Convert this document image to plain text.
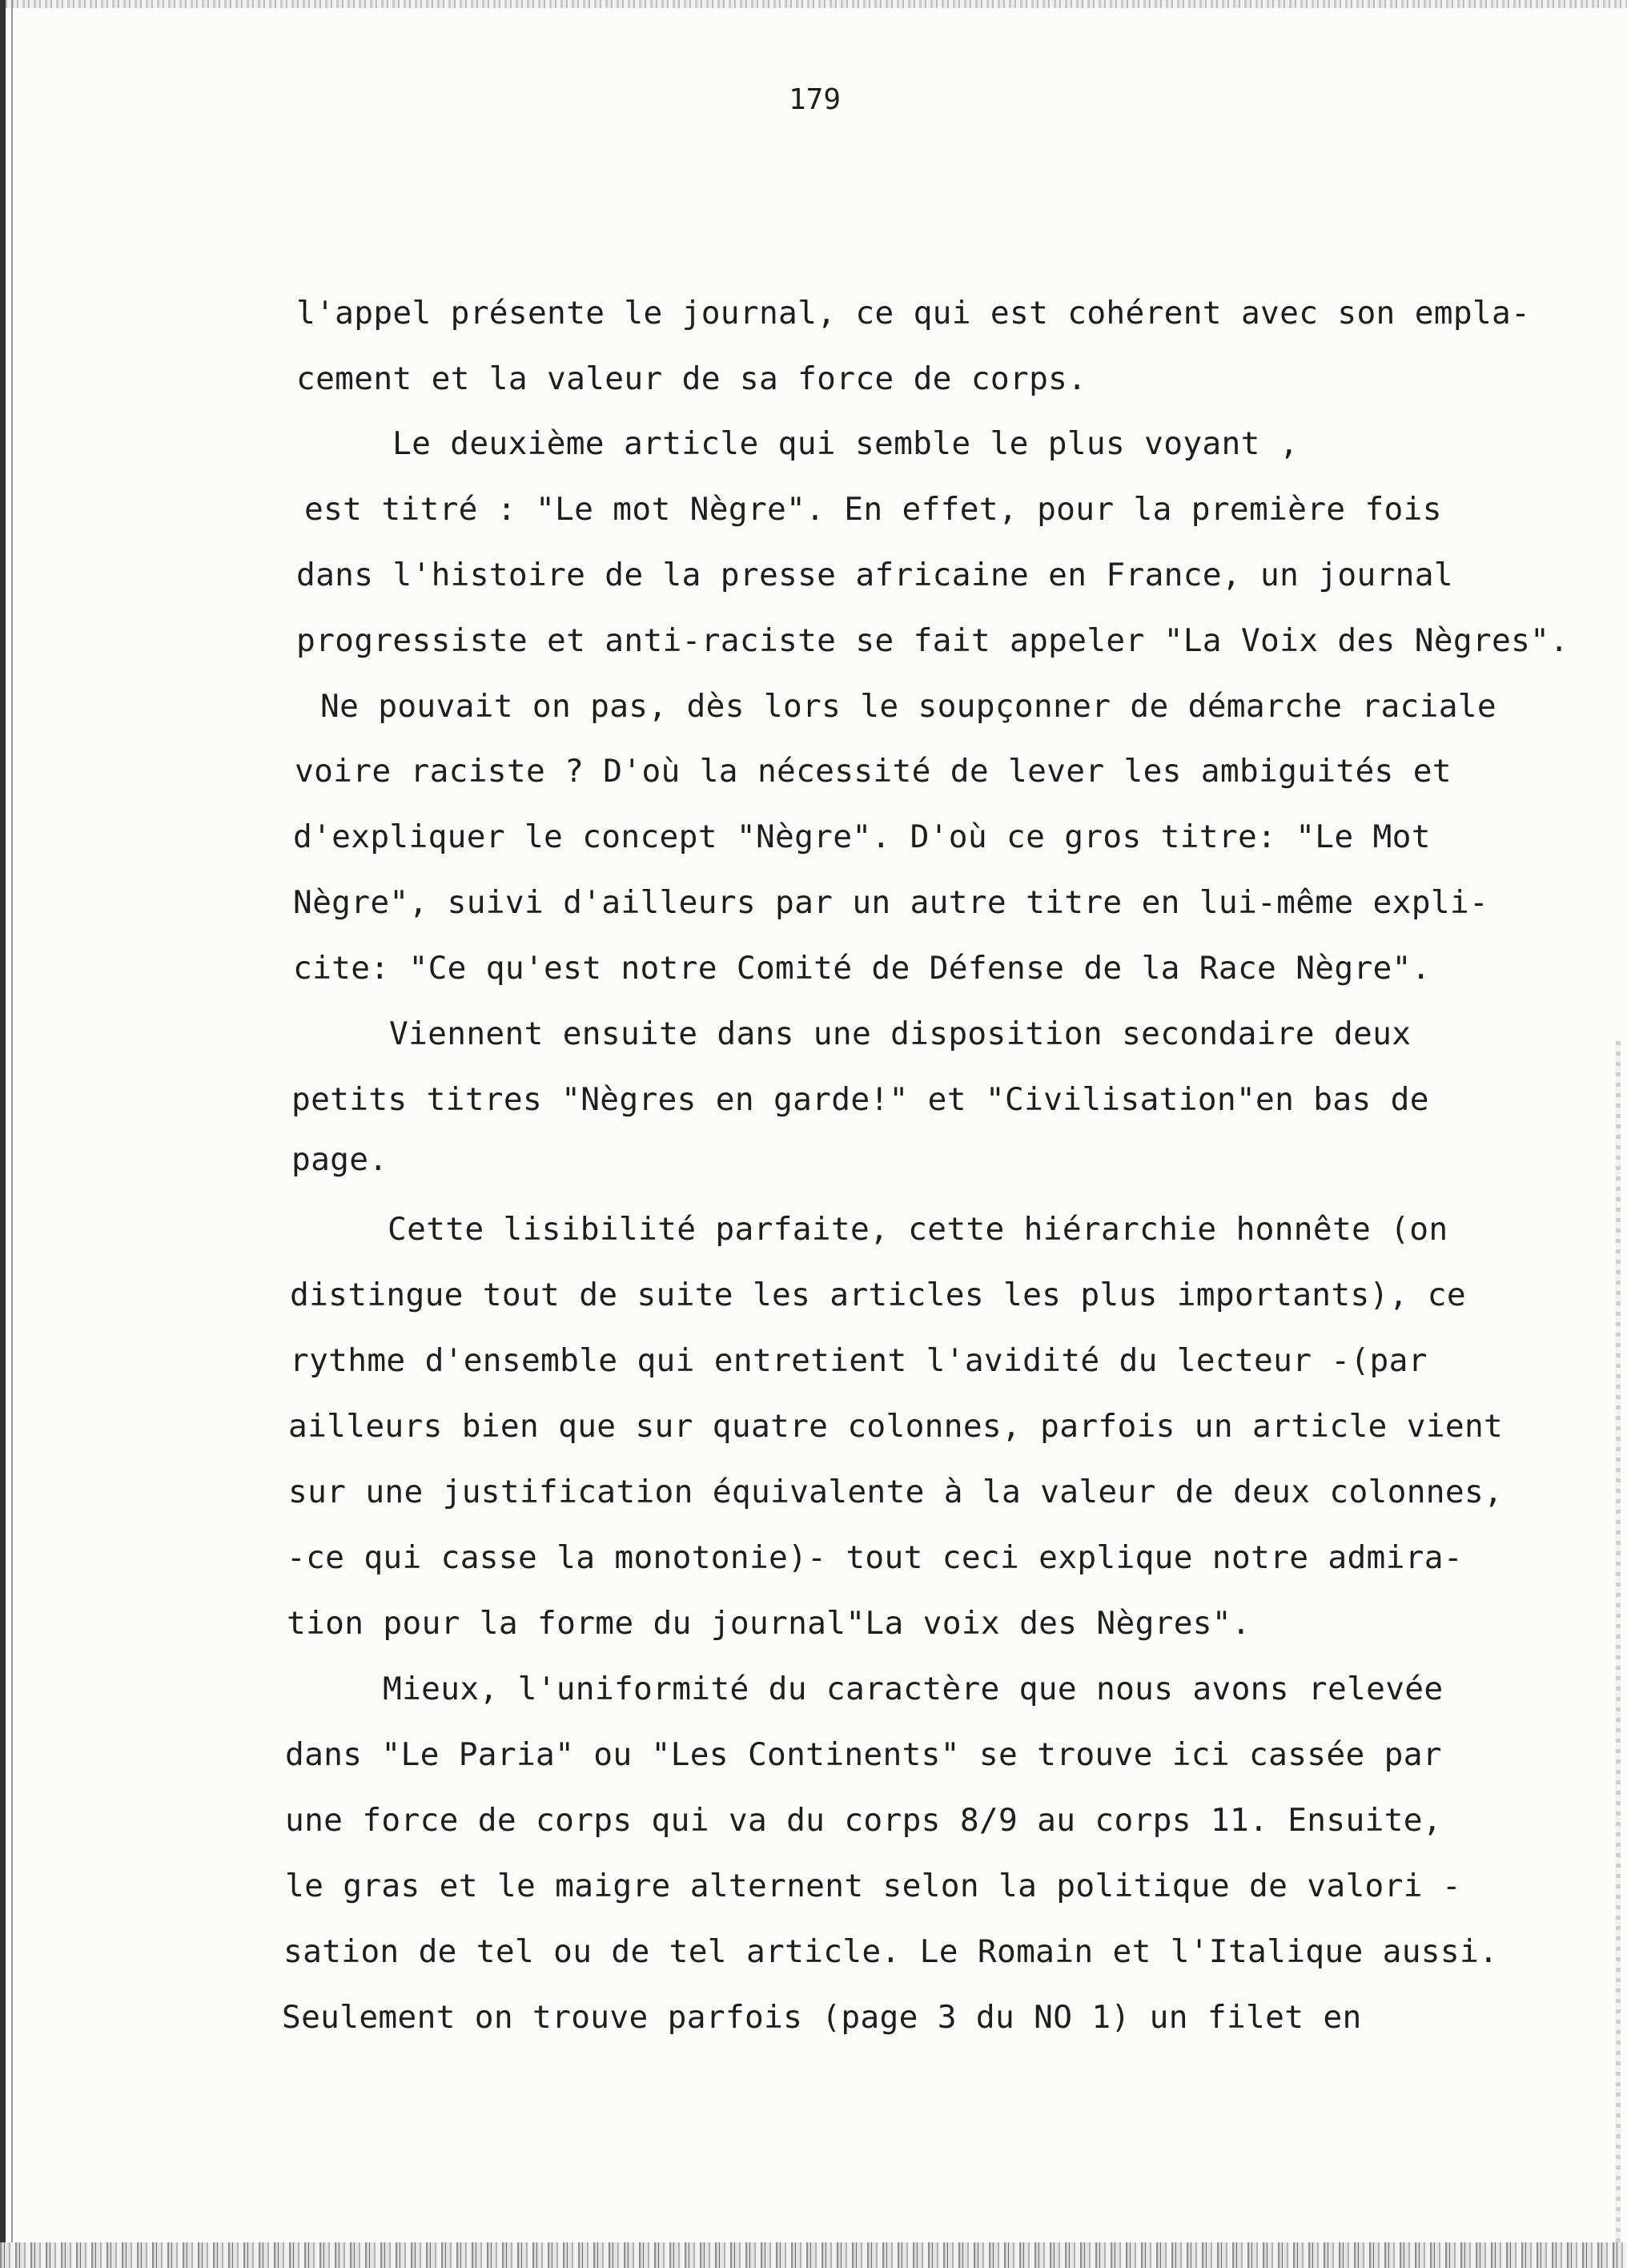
179
l'appel présente le journal, ce qui est cohérent avec son empla-
cement et la valeur de sa force de corps.
Le deuxième article qui semble le plus voyant ,
est titré : "Le mot Nègre". En effet, pour la première fois
dans l'histoire de la presse africaine en France, un journal
progressiste et anti-raciste se fait appeler "La Voix des Nègres".
Ne pouvait on pas, dès lors le soupçonner de démarche raciale
voire raciste ? D'où la nécessité de lever les ambiguités et
d'expliquer le concept "Nègre". D'où ce gros titre: "Le Mot
Nègre", suivi d'ailleurs par un autre titre en lui-même expli-
cite: "Ce qu'est notre Comité de Défense de la Race Nègre".
Viennent ensuite dans une disposition secondaire deux
petits titres "Nègres en garde!" et "Civilisation"en bas de
page.
Cette lisibilité parfaite, cette hiérarchie honnête (on
distingue tout de suite les articles les plus importants), ce
rythme d'ensemble qui entretient l'avidité du lecteur -(par
ailleurs bien que sur quatre colonnes, parfois un article vient
sur une justification équivalente à la valeur de deux colonnes,
-ce qui casse la monotonie)- tout ceci explique notre admira-
tion pour la forme du journal"La voix des Nègres".
Mieux, l'uniformité du caractère que nous avons relevée
dans "Le Paria" ou "Les Continents" se trouve ici cassée par
une force de corps qui va du corps 8/9 au corps 11. Ensuite,
le gras et le maigre alternent selon la politique de valori -
sation de tel ou de tel article. Le Romain et l'Italique aussi.
Seulement on trouve parfois (page 3 du NO 1) un filet en
